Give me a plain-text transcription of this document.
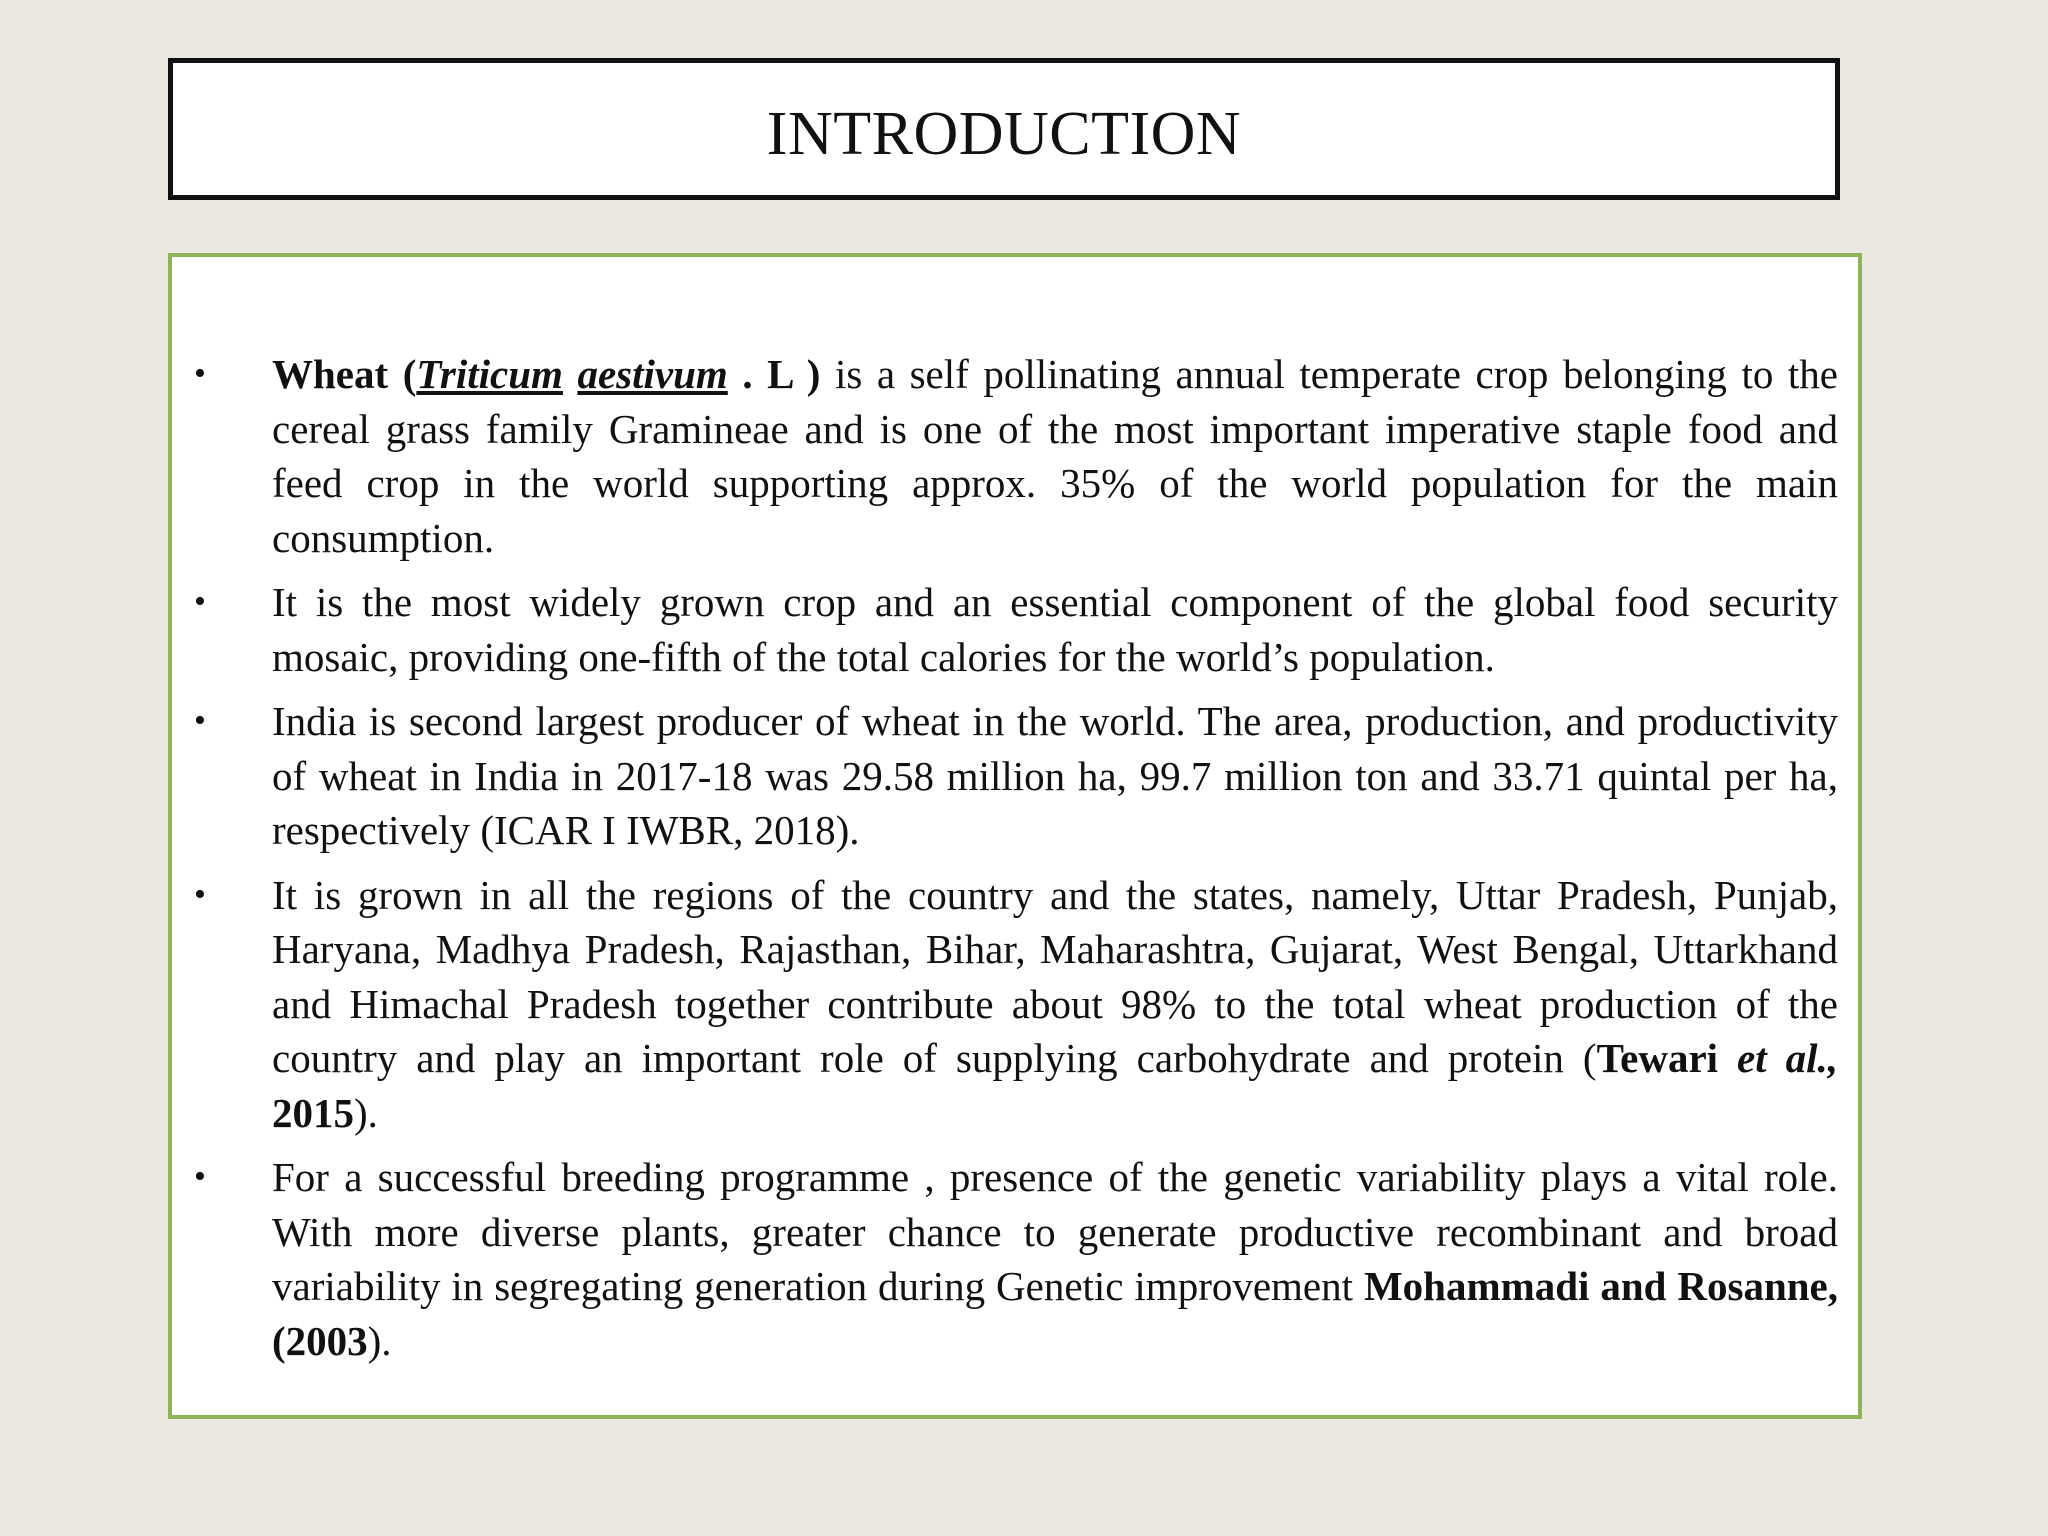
INTRODUCTION
•	Wheat (Triticum aestivum . L ) is a self pollinating annual temperate crop belonging to the cereal grass family Gramineae and is one of the most important imperative staple food and feed crop in the world supporting approx. 35% of the world population for the main consumption.
•	It is the most widely grown crop and an essential component of the global food security mosaic, providing one-fifth of the total calories for the world’s population.
•	India is second largest producer of wheat in the world. The area, production, and productivity of wheat in India in 2017-18 was 29.58 million ha, 99.7 million ton and 33.71 quintal per ha, respectively (ICAR I IWBR, 2018).
•	It is grown in all the regions of the country and the states, namely, Uttar Pradesh, Punjab, Haryana, Madhya Pradesh, Rajasthan, Bihar, Maharashtra, Gujarat, West Bengal, Uttarkhand and Himachal Pradesh together contribute about 98% to the total wheat production of the country and play an important role of supplying carbohydrate and protein (Tewari et al., 2015).
•	For a successful breeding programme , presence of the genetic variability plays a vital role. With more diverse plants, greater chance to generate productive recombinant and broad variability in segregating generation during Genetic improvement Mohammadi and Rosanne, (2003).
